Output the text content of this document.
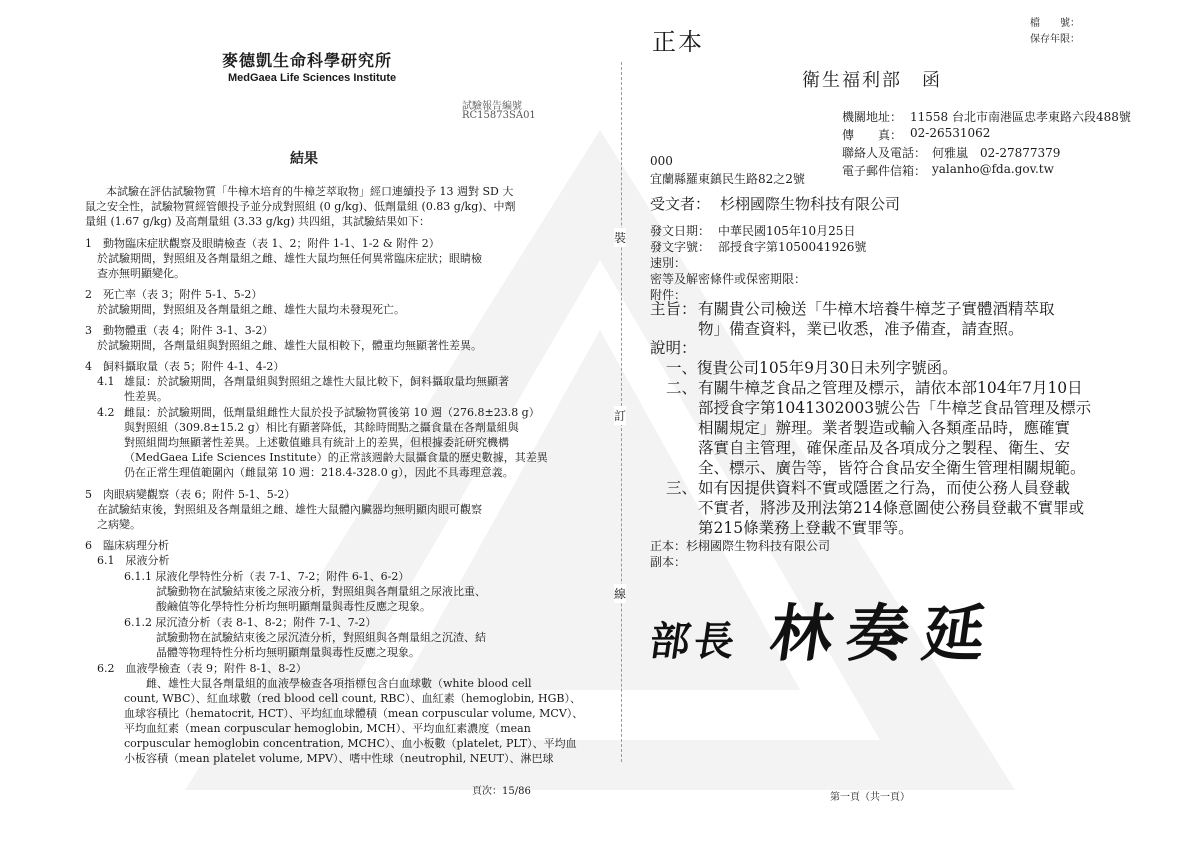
麥德凱生命科學研究所
MedGaea Life Sciences Institute
試驗報告編號
RC15873SA01
結果
本試驗在評估試驗物質「牛樟木培育的牛樟芝萃取物」經口連續投予 13 週對 SD 大
鼠之安全性，試驗物質經管餵投予並分成對照組 (0 g/kg)、低劑量組 (0.83 g/kg)、中劑
量組 (1.67 g/kg) 及高劑量組 (3.33 g/kg) 共四組，其試驗結果如下：
1　動物臨床症狀觀察及眼睛檢查（表 1、2；附件 1-1、1-2 & 附件 2）
於試驗期間，對照組及各劑量組之雌、雄性大鼠均無任何異常臨床症狀；眼睛檢
查亦無明顯變化。
2　死亡率（表 3；附件 5-1、5-2）
於試驗期間，對照組及各劑量組之雌、雄性大鼠均未發現死亡。
3　動物體重（表 4；附件 3-1、3-2）
於試驗期間，各劑量組與對照組之雌、雄性大鼠相較下，體重均無顯著性差異。
4　飼料攝取量（表 5；附件 4-1、4-2）
4.1 雄鼠：於試驗期間，各劑量組與對照組之雄性大鼠比較下，飼料攝取量均無顯著
性差異。
4.2 雌鼠：於試驗期間，低劑量組雌性大鼠於投予試驗物質後第 10 週（276.8±23.8 g）
與對照組（309.8±15.2 g）相比有顯著降低，其餘時間點之攝食量在各劑量組與
對照組間均無顯著性差異。上述數值雖具有統計上的差異，但根據委託研究機構
（MedGaea Life Sciences Institute）的正常該週齡大鼠攝食量的歷史數據，其差異
仍在正常生理值範圍內（雌鼠第 10 週：218.4-328.0 g），因此不具毒理意義。
5　肉眼病變觀察（表 6；附件 5-1、5-2）
在試驗結束後，對照組及各劑量組之雌、雄性大鼠體內臟器均無明顯肉眼可觀察
之病變。
6　臨床病理分析
6.1　尿液分析
6.1.1 尿液化學特性分析（表 7-1、7-2；附件 6-1、6-2）
試驗動物在試驗結束後之尿液分析，對照組與各劑量組之尿液比重、
酸鹼值等化學特性分析均無明顯劑量與毒性反應之現象。
6.1.2 尿沉渣分析（表 8-1、8-2；附件 7-1、7-2）
試驗動物在試驗結束後之尿沉渣分析，對照組與各劑量組之沉渣、結
晶體等物理特性分析均無明顯劑量與毒性反應之現象。
6.2　血液學檢查（表 9；附件 8-1、8-2）
雌、雄性大鼠各劑量組的血液學檢查各項指標包含白血球數（white blood cell
count, WBC）、紅血球數（red blood cell count, RBC）、血紅素（hemoglobin, HGB）、
血球容積比（hematocrit, HCT）、平均紅血球體積（mean corpuscular volume, MCV）、
平均血紅素（mean corpuscular hemoglobin, MCH）、平均血紅素濃度（mean
corpuscular hemoglobin concentration, MCHC）、血小板數（platelet, PLT）、平均血
小板容積（mean platelet volume, MPV）、嗜中性球（neutrophil, NEUT）、淋巴球
頁次：15/86
裝
訂
線
正本
檔　　號：
保存年限：
衛生福利部　函
機關地址： 11558 台北市南港區忠孝東路六段488號
傳　　真： 02-26531062
聯絡人及電話： 何雅嵐　02-27877379
電子郵件信箱： yalanho@fda.gov.tw
000
宜蘭縣羅東鎮民生路82之2號
受文者： 杉栩國際生物科技有限公司
發文日期： 中華民國105年10月25日
發文字號： 部授食字第1050041926號
速別：
密等及解密條件或保密期限：
附件：
主旨： 有關貴公司檢送「牛樟木培養牛樟芝子實體酒精萃取
物」備查資料，業已收悉，准予備查，請查照。
說明：
一、復貴公司105年9月30日未列字號函。
二、 有關牛樟芝食品之管理及標示，請依本部104年7月10日
部授食字第1041302003號公告「牛樟芝食品管理及標示
相關規定」辦理。業者製造或輸入各類產品時，應確實
落實自主管理，確保產品及各項成分之製程、衛生、安
全、標示、廣告等，皆符合食品安全衛生管理相關規範。
三、 如有因提供資料不實或隱匿之行為，而使公務人員登載
不實者，將涉及刑法第214條意圖使公務員登載不實罪或
第215條業務上登載不實罪等。
正本： 杉栩國際生物科技有限公司
副本：
部長 林奏延
第一頁（共一頁）
